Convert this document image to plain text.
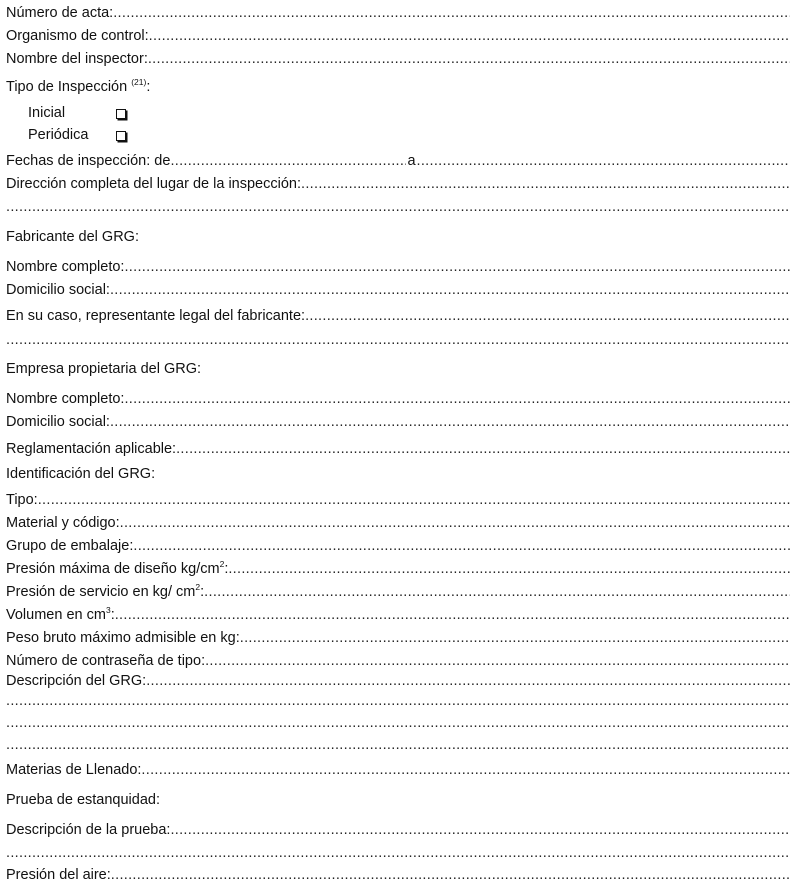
Número de acta:
.....
Organismo de control:
.....
Nombre del inspector:
.....
Tipo de Inspección $^{(21)}$:
Inicial
Periódica
Fechas de inspección: de
.....	a
.....
Dirección completa del lugar de la inspección:
.....
.....
Fabricante del GRG:
Nombre completo:
.....
Domicilio social:
.....
En su caso, representante legal del fabricante:
.....
.....
Empresa propietaria del GRG:
Nombre completo:
.....
Domicilio social:
.....
Reglamentación aplicable:
.....
Identificación del GRG:
Tipo:
.....
Material y código:
.....
Grupo de embalaje:
.....
Presión máxima de diseño $kg/cm^2$:
.....
Presión de servicio en kg/ $cm^2$:
.....
Volumen en $cm^3$:
.....
Peso bruto máximo admisible en kg:
.....
Número de contraseña de tipo:
.....
Descripción del GRG:
.....
.....
.....
.....
Materias de Llenado:
.....
Prueba de estanquidad:
Descripción de la prueba:
.....
.....
Presión del aire:
.....
